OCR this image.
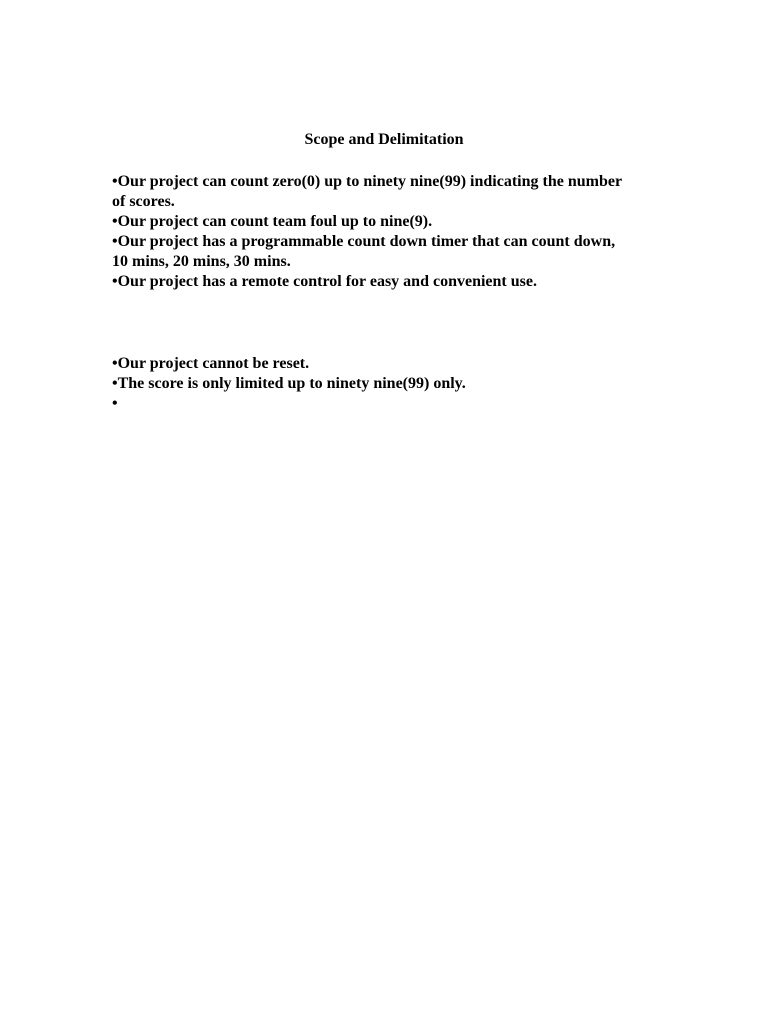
Scope and Delimitation

•Our project can count zero(0) up to ninety nine(99) indicating the number of scores.

•Our project can count team foul up to nine(9).

•Our project has a programmable count down timer that can count down, 10 mins, 20 mins, 30 mins.

•Our project has a remote control for easy and convenient use.

•Our project cannot be reset.

•The score is only limited up to ninety nine(99) only.

•
